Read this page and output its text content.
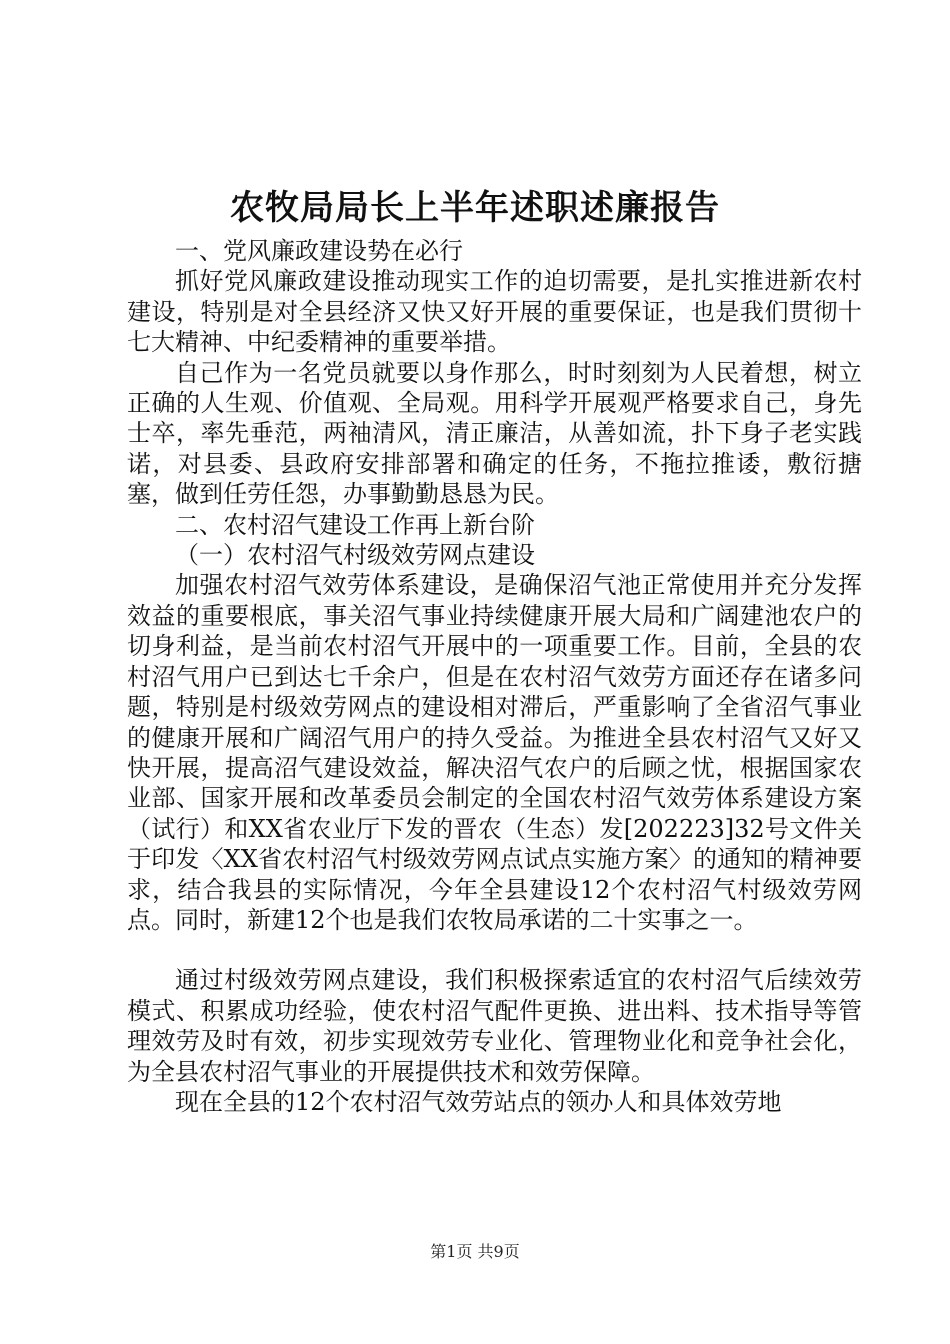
农牧局局长上半年述职述廉报告

一、党风廉政建设势在必行

抓好党风廉政建设推动现实工作的迫切需要，是扎实推进新农村建设，特别是对全县经济又快又好开展的重要保证，也是我们贯彻十七大精神、中纪委精神的重要举措。

自己作为一名党员就要以身作那么，时时刻刻为人民着想，树立正确的人生观、价值观、全局观。用科学开展观严格要求自己，身先士卒，率先垂范，两袖清风，清正廉洁，从善如流，扑下身子老实践诺，对县委、县政府安排部署和确定的任务，不拖拉推诿，敷衍搪塞，做到任劳任怨，办事勤勤恳恳为民。

二、农村沼气建设工作再上新台阶

（一）农村沼气村级效劳网点建设

加强农村沼气效劳体系建设，是确保沼气池正常使用并充分发挥效益的重要根底，事关沼气事业持续健康开展大局和广阔建池农户的切身利益，是当前农村沼气开展中的一项重要工作。目前，全县的农村沼气用户已到达七千余户，但是在农村沼气效劳方面还存在诸多问题，特别是村级效劳网点的建设相对滞后，严重影响了全省沼气事业的健康开展和广阔沼气用户的持久受益。为推进全县农村沼气又好又快开展，提高沼气建设效益，解决沼气农户的后顾之忧，根据国家农业部、国家开展和改革委员会制定的全国农村沼气效劳体系建设方案（试行）和XX省农业厅下发的晋农（生态）发[202223]32号文件关于印发〈XX省农村沼气村级效劳网点试点实施方案〉的通知的精神要求，结合我县的实际情况，今年全县建设12个农村沼气村级效劳网点。同时，新建12个也是我们农牧局承诺的二十实事之一。

通过村级效劳网点建设，我们积极探索适宜的农村沼气后续效劳模式、积累成功经验，使农村沼气配件更换、进出料、技术指导等管理效劳及时有效，初步实现效劳专业化、管理物业化和竞争社会化，为全县农村沼气事业的开展提供技术和效劳保障。

现在全县的12个农村沼气效劳站点的领办人和具体效劳地

第1页 共9页
